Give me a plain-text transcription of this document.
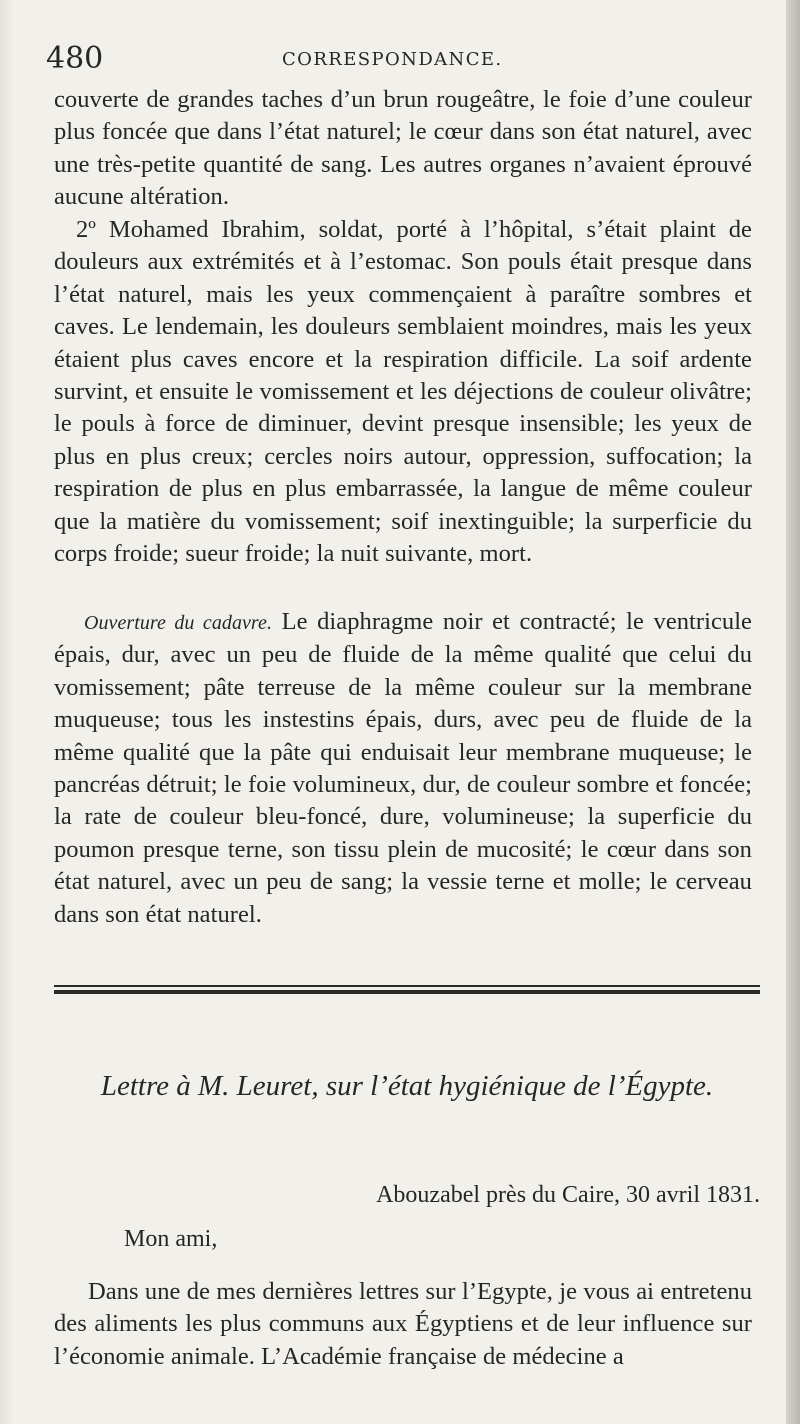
480	CORRESPONDANCE.

couverte de grandes taches d’un brun rougeâtre, le foie d’une couleur plus foncée que dans l’état naturel; le cœur dans son état naturel, avec une très-petite quantité de sang. Les autres organes n’avaient éprouvé aucune altération.

2º Mohamed Ibrahim, soldat, porté à l’hôpital, s’était plaint de douleurs aux extrémités et à l’estomac. Son pouls était presque dans l’état naturel, mais les yeux commençaient à paraître sombres et caves. Le lendemain, les douleurs semblaient moindres, mais les yeux étaient plus caves encore et la respiration difficile. La soif ardente survint, et ensuite le vomissement et les déjections de couleur olivâtre; le pouls à force de diminuer, devint presque insensible; les yeux de plus en plus creux; cercles noirs autour, oppression, suffocation; la respiration de plus en plus embarrassée, la langue de même couleur que la matière du vomissement; soif inextinguible; la surperficie du corps froide; sueur froide; la nuit suivante, mort.

Ouverture du cadavre. Le diaphragme noir et contracté; le ventricule épais, dur, avec un peu de fluide de la même qualité que celui du vomissement; pâte terreuse de la même couleur sur la membrane muqueuse; tous les instestins épais, durs, avec peu de fluide de la même qualité que la pâte qui enduisait leur membrane muqueuse; le pancréas détruit; le foie volumineux, dur, de couleur sombre et foncée; la rate de couleur bleu-foncé, dure, volumineuse; la superficie du poumon presque terne, son tissu plein de mucosité; le cœur dans son état naturel, avec un peu de sang; la vessie terne et molle; le cerveau dans son état naturel.

Lettre à M. Leuret, sur l’état hygiénique de l’Égypte.
Abouzabel près du Caire, 30 avril 1831.
Mon ami,

Dans une de mes dernières lettres sur l’Egypte, je vous ai entretenu des aliments les plus communs aux Égyptiens et de leur influence sur l’économie animale. L’Académie française de médecine a
